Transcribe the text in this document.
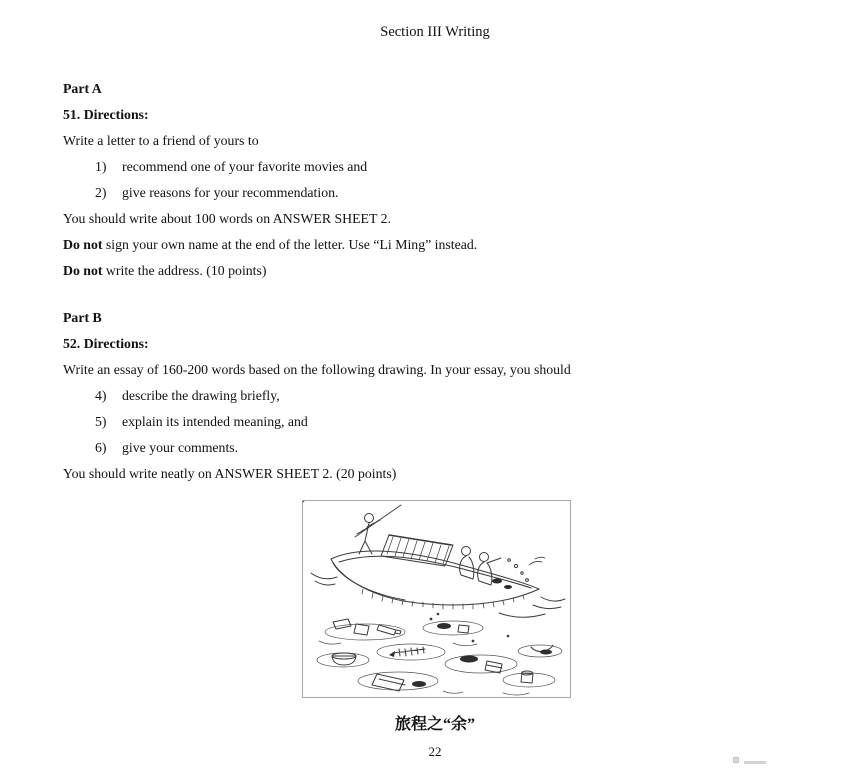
Section III Writing

Part A

51. Directions:

Write a letter to a friend of yours to

1) recommend one of your favorite movies and

2) give reasons for your recommendation.

You should write about 100 words on ANSWER SHEET 2.

Do not sign your own name at the end of the letter. Use “Li Ming” instead.

Do not write the address. (10 points)

Part B

52. Directions:

Write an essay of 160-200 words based on the following drawing. In your essay, you should

4) describe the drawing briefly,

5) explain its intended meaning, and

6) give your comments.

You should write neatly on ANSWER SHEET 2. (20 points)

旅程之“余”
22
